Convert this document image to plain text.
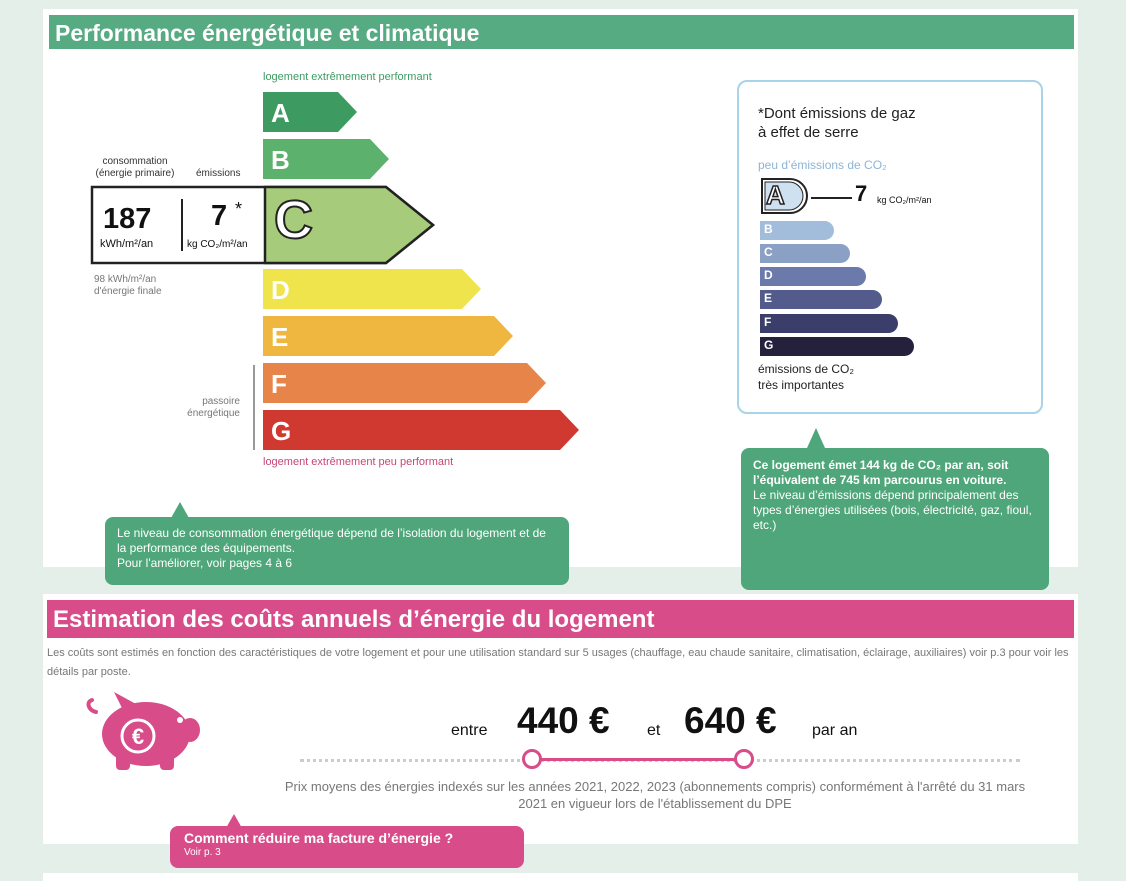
Performance énergétique et climatique
logement extrêmement performant
A
B
D
E
F
G
passoire
énergétique
logement extrêmement peu performant
consommation
(énergie primaire)	émissions
187
kWh/m²/an
7 *
kg CO₂/m²/an C
98 kWh/m²/an
d'énergie finale
Le niveau de consommation énergétique dépend de l’isolation du logement et de la performance des équipements.
Pour l'améliorer, voir pages 4 à 6
*Dont émissions de gaz
à effet de serre
peu d’émissions de CO₂
A	7 kg CO₂/m²/an
B
C
D
E
F
G
émissions de CO₂
très importantes
Ce logement émet 144 kg de CO₂ par an, soit l’équivalent de 745 km parcourus en voiture.
Le niveau d’émissions dépend principalement des types d’énergies utilisées (bois, électricité, gaz, fioul, etc.)
Estimation des coûts annuels d’énergie du logement
Les coûts sont estimés en fonction des caractéristiques de votre logement et pour une utilisation standard sur 5 usages (chauffage, eau chaude sanitaire, climatisation, éclairage, auxiliaires) voir p.3 pour voir les détails par poste.
€	entre 440 € et 640 € par an
Prix moyens des énergies indexés sur les années 2021, 2022, 2023 (abonnements compris) conformément à l'arrêté du 31 mars 2021 en vigueur lors de l'établissement du DPE
Comment réduire ma facture d’énergie ?
Voir p. 3
